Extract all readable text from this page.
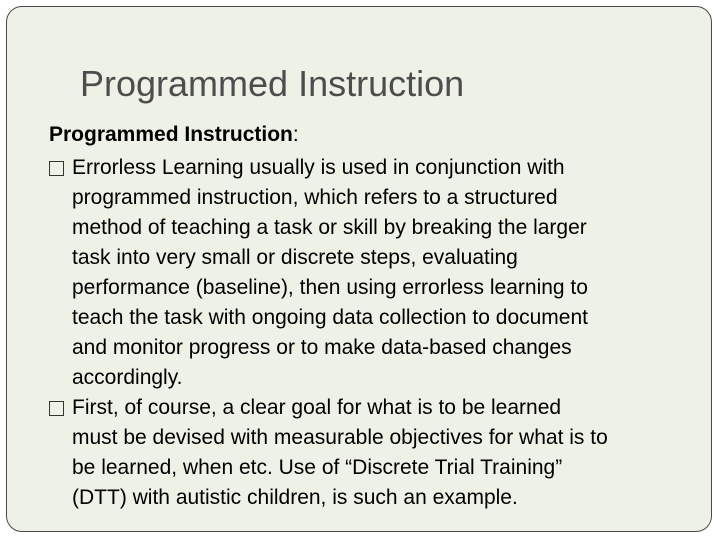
Programmed Instruction

Programmed Instruction:

Errorless Learning usually is used in conjunction with
programmed instruction, which refers to a structured
method of teaching a task or skill by breaking the larger
task into very small or discrete steps, evaluating
performance (baseline), then using errorless learning to
teach the task with ongoing data collection to document
and monitor progress or to make data-based changes
accordingly.
First, of course, a clear goal for what is to be learned
must be devised with measurable objectives for what is to
be learned, when etc. Use of “Discrete Trial Training”
(DTT) with autistic children, is such an example.
